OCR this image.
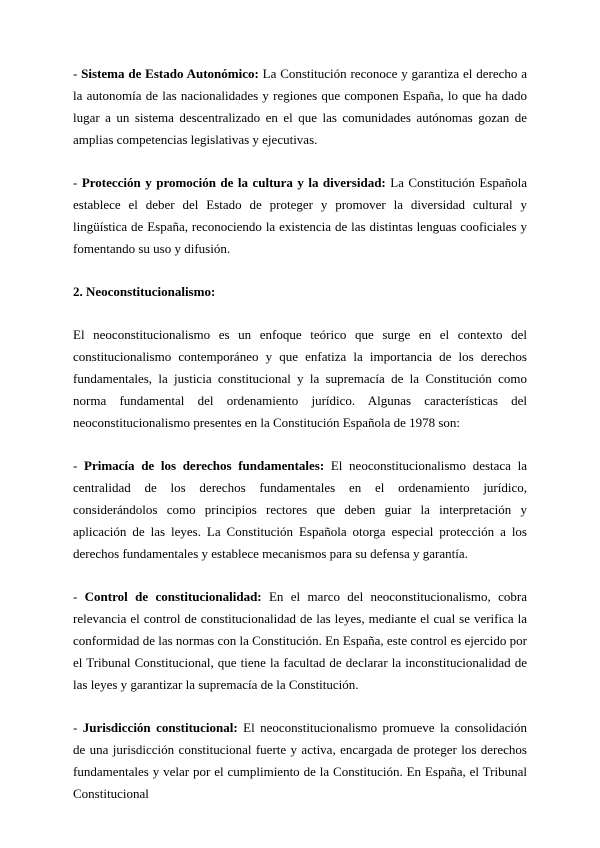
- Sistema de Estado Autonómico: La Constitución reconoce y garantiza el derecho a la autonomía de las nacionalidades y regiones que componen España, lo que ha dado lugar a un sistema descentralizado en el que las comunidades autónomas gozan de amplias competencias legislativas y ejecutivas.

- Protección y promoción de la cultura y la diversidad: La Constitución Española establece el deber del Estado de proteger y promover la diversidad cultural y lingüística de España, reconociendo la existencia de las distintas lenguas cooficiales y fomentando su uso y difusión.

2. Neoconstitucionalismo:

El neoconstitucionalismo es un enfoque teórico que surge en el contexto del constitucionalismo contemporáneo y que enfatiza la importancia de los derechos fundamentales, la justicia constitucional y la supremacía de la Constitución como norma fundamental del ordenamiento jurídico. Algunas características del neoconstitucionalismo presentes en la Constitución Española de 1978 son:

- Primacía de los derechos fundamentales: El neoconstitucionalismo destaca la centralidad de los derechos fundamentales en el ordenamiento jurídico, considerándolos como principios rectores que deben guiar la interpretación y aplicación de las leyes. La Constitución Española otorga especial protección a los derechos fundamentales y establece mecanismos para su defensa y garantía.

- Control de constitucionalidad: En el marco del neoconstitucionalismo, cobra relevancia el control de constitucionalidad de las leyes, mediante el cual se verifica la conformidad de las normas con la Constitución. En España, este control es ejercido por el Tribunal Constitucional, que tiene la facultad de declarar la inconstitucionalidad de las leyes y garantizar la supremacía de la Constitución.

- Jurisdicción constitucional: El neoconstitucionalismo promueve la consolidación de una jurisdicción constitucional fuerte y activa, encargada de proteger los derechos fundamentales y velar por el cumplimiento de la Constitución. En España, el Tribunal Constitucional
